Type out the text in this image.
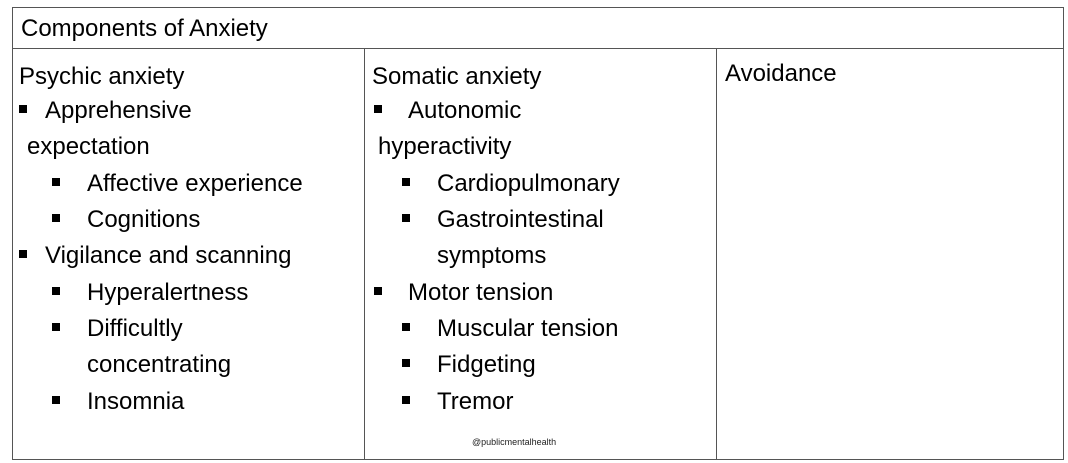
Components of Anxiety
Psychic anxiety
Apprehensive
expectation
Affective experience
Cognitions
Vigilance and scanning
Hyperalertness
Difficultly
concentrating
Insomnia
Somatic anxiety
Autonomic
hyperactivity
Cardiopulmonary
Gastrointestinal
symptoms
Motor tension
Muscular tension
Fidgeting
Tremor
Avoidance
@publicmentalhealth
